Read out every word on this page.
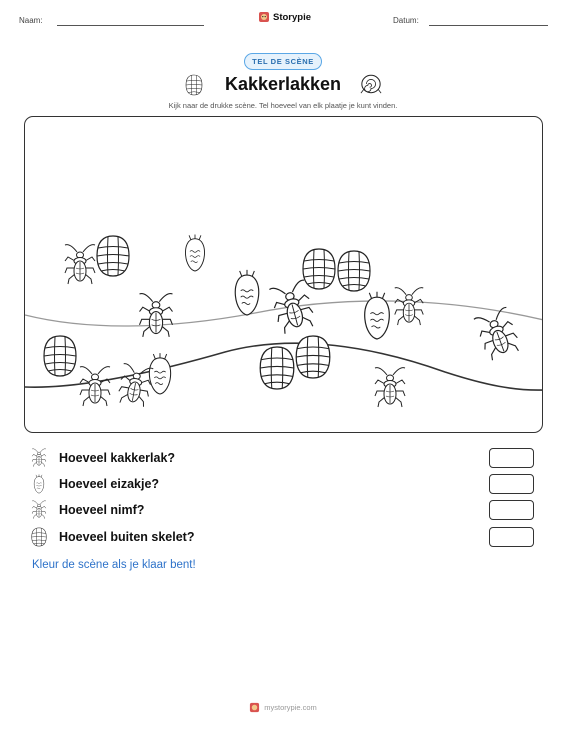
Naam:	Storypie	Datum:
TEL DE SCÈNE
Kakkerlakken
Kijk naar de drukke scène. Tel hoeveel van elk plaatje je kunt vinden.
Hoeveel kakkerlak?
Hoeveel eizakje?
Hoeveel nimf?
Hoeveel buiten skelet?
Kleur de scène als je klaar bent!
mystorypie.com
